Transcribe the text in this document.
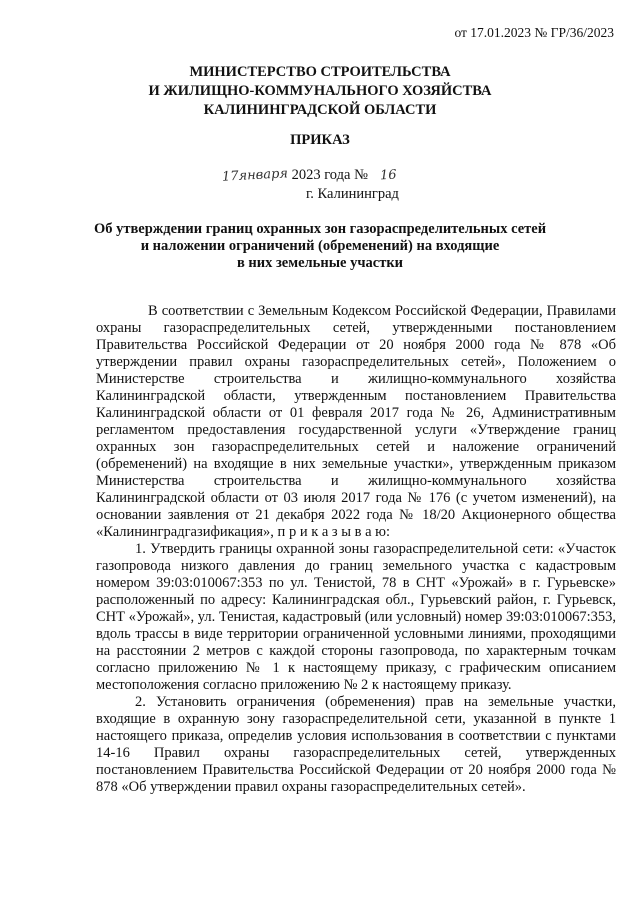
от 17.01.2023 № ГР/36/2023
МИНИСТЕРСТВО СТРОИТЕЛЬСТВА
И ЖИЛИЩНО-КОММУНАЛЬНОГО ХОЗЯЙСТВА
КАЛИНИНГРАДСКОЙ ОБЛАСТИ
ПРИКАЗ
17января 2023 года № 16
г. Калининград
Об утверждении границ охранных зон газораспределительных сетей
и наложении ограничений (обременений) на входящие
в них земельные участки

В соответствии с Земельным Кодексом Российской Федерации, Правилами охраны газораспределительных сетей, утвержденными постановлением Правительства Российской Федерации от 20 ноября 2000 года № 878 «Об утверждении правил охраны газораспределительных сетей», Положением о Министерстве строительства и жилищно-коммунального хозяйства Калининградской области, утвержденным постановлением Правительства Калининградской области от 01 февраля 2017 года № 26, Административным регламентом предоставления государственной услуги «Утверждение границ охранных зон газораспределительных сетей и наложение ограничений (обременений) на входящие в них земельные участки», утвержденным приказом Министерства строительства и жилищно-коммунального хозяйства Калининградской области от 03 июля 2017 года № 176 (с учетом изменений), на основании заявления от 21 декабря 2022 года № 18/20 Акционерного общества «Калининградгазификация», п р и к а з ы в а ю:

1. Утвердить границы охранной зоны газораспределительной сети: «Участок газопровода низкого давления до границ земельного участка с кадастровым номером 39:03:010067:353 по ул. Тенистой, 78 в СНТ «Урожай» в г. Гурьевске» расположенный по адресу: Калининградская обл., Гурьевский район, г. Гурьевск, СНТ «Урожай», ул. Тенистая, кадастровый (или условный) номер 39:03:010067:353, вдоль трассы в виде территории ограниченной условными линиями, проходящими на расстоянии 2 метров с каждой стороны газопровода, по характерным точкам согласно приложению № 1 к настоящему приказу, с графическим описанием местоположения согласно приложению № 2 к настоящему приказу.

2. Установить ограничения (обременения) прав на земельные участки, входящие в охранную зону газораспределительной сети, указанной в пункте 1 настоящего приказа, определив условия использования в соответствии с пунктами 14-16 Правил охраны газораспределительных сетей, утвержденных постановлением Правительства Российской Федерации от 20 ноября 2000 года № 878 «Об утверждении правил охраны газораспределительных сетей».
